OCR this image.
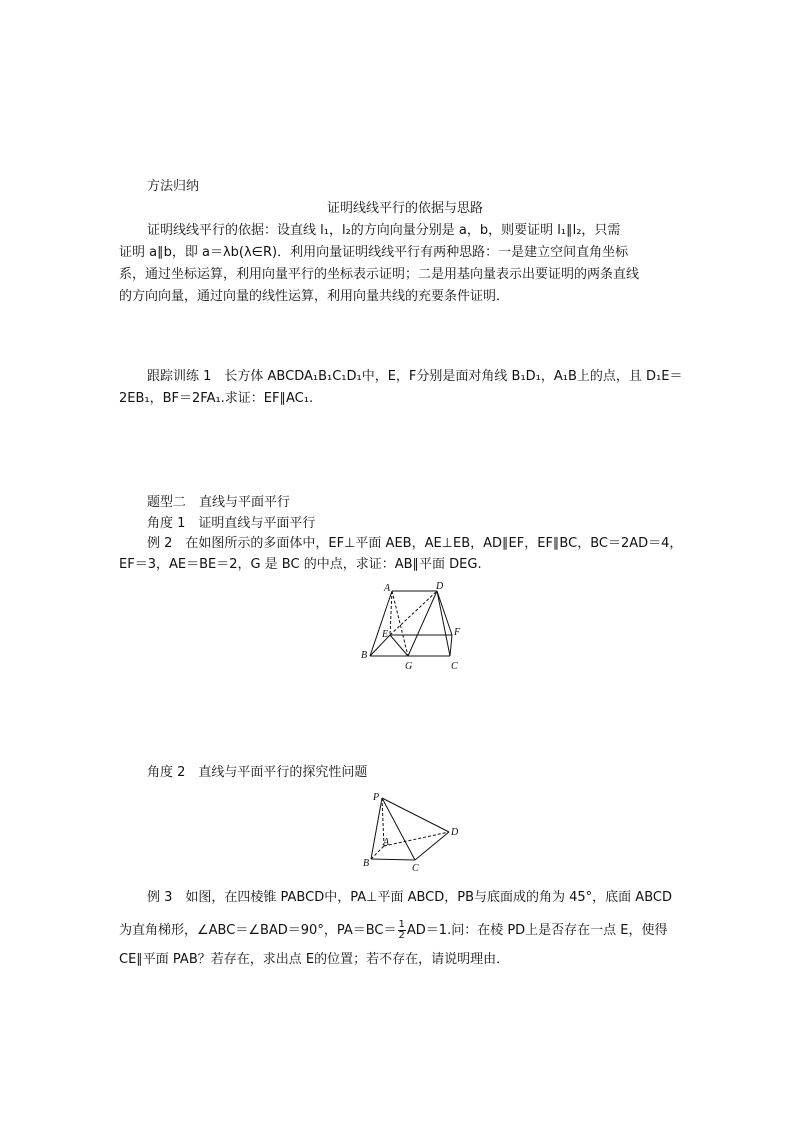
方法归纳
证明线线平行的依据与思路
证明线线平行的依据：设直线 l₁，l₂的方向向量分别是 a，b，则要证明 l₁∥l₂，只需
证明 a∥b，即 a＝λb(λ∈R)．利用向量证明线线平行有两种思路：一是建立空间直角坐标
系，通过坐标运算，利用向量平行的坐标表示证明；二是用基向量表示出要证明的两条直线
的方向向量，通过向量的线性运算，利用向量共线的充要条件证明．
跟踪训练 1　长方体 ABCDA₁B₁C₁D₁中，E，F分别是面对角线 B₁D₁，A₁B上的点，且 D₁E＝
2EB₁，BF＝2FA₁.求证：EF∥AC₁.
题型二　直线与平面平行
角度 1　证明直线与平面平行
例 2　在如图所示的多面体中，EF⊥平面 AEB，AE⊥EB，AD∥EF，EF∥BC，BC＝2AD＝4，
EF＝3，AE＝BE＝2，G 是 BC 的中点，求证：AB∥平面 DEG.
A	D
E	F
B
G	C
角度 2　直线与平面平行的探究性问题
P
A
B	C
D
例 3　如图，在四棱锥 PABCD中，PA⊥平面 ABCD，PB与底面成的角为 45°，底面 ABCD
为直角梯形，∠ABC＝∠BAD＝90°，$PA=BC= \frac{1}{2} AD=1$.问：在棱 PD上是否存在一点 E，使得
CE∥平面 PAB？若存在，求出点 E的位置；若不存在，请说明理由．
